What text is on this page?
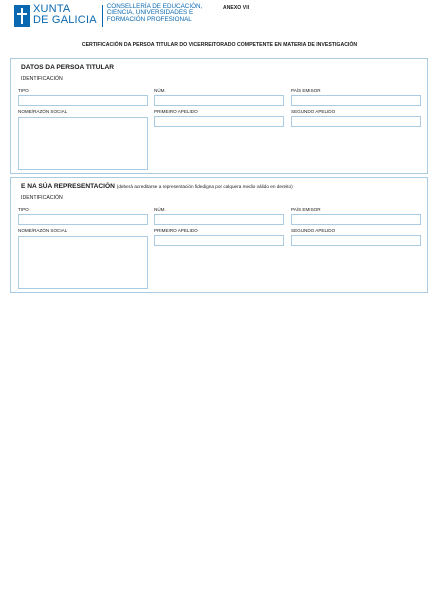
XUNTA
DE GALICIA
CONSELLERÍA DE EDUCACIÓN,
CIENCIA, UNIVERSIDADES E
FORMACIÓN PROFESIONAL
ANEXO VII
CERTIFICACIÓN DA PERSOA TITULAR DO VICERREITORADO COMPETENTE EN MATERIA DE INVESTIGACIÓN
DATOS DA PERSOA TITULAR
IDENTIFICACIÓN
TIPO	NÚM.	PAÍS EMISOR
NOME/RAZÓN SOCIAL	PRIMEIRO APELIDO	SEGUNDO APELIDO
E NA SÚA REPRESENTACIÓN (deberá acreditarse a representación fidedigna por calquera medio válido en dereito)
IDENTIFICACIÓN
TIPO	NÚM.	PAÍS EMISOR
NOME/RAZÓN SOCIAL	PRIMEIRO APELIDO	SEGUNDO APELIDO
